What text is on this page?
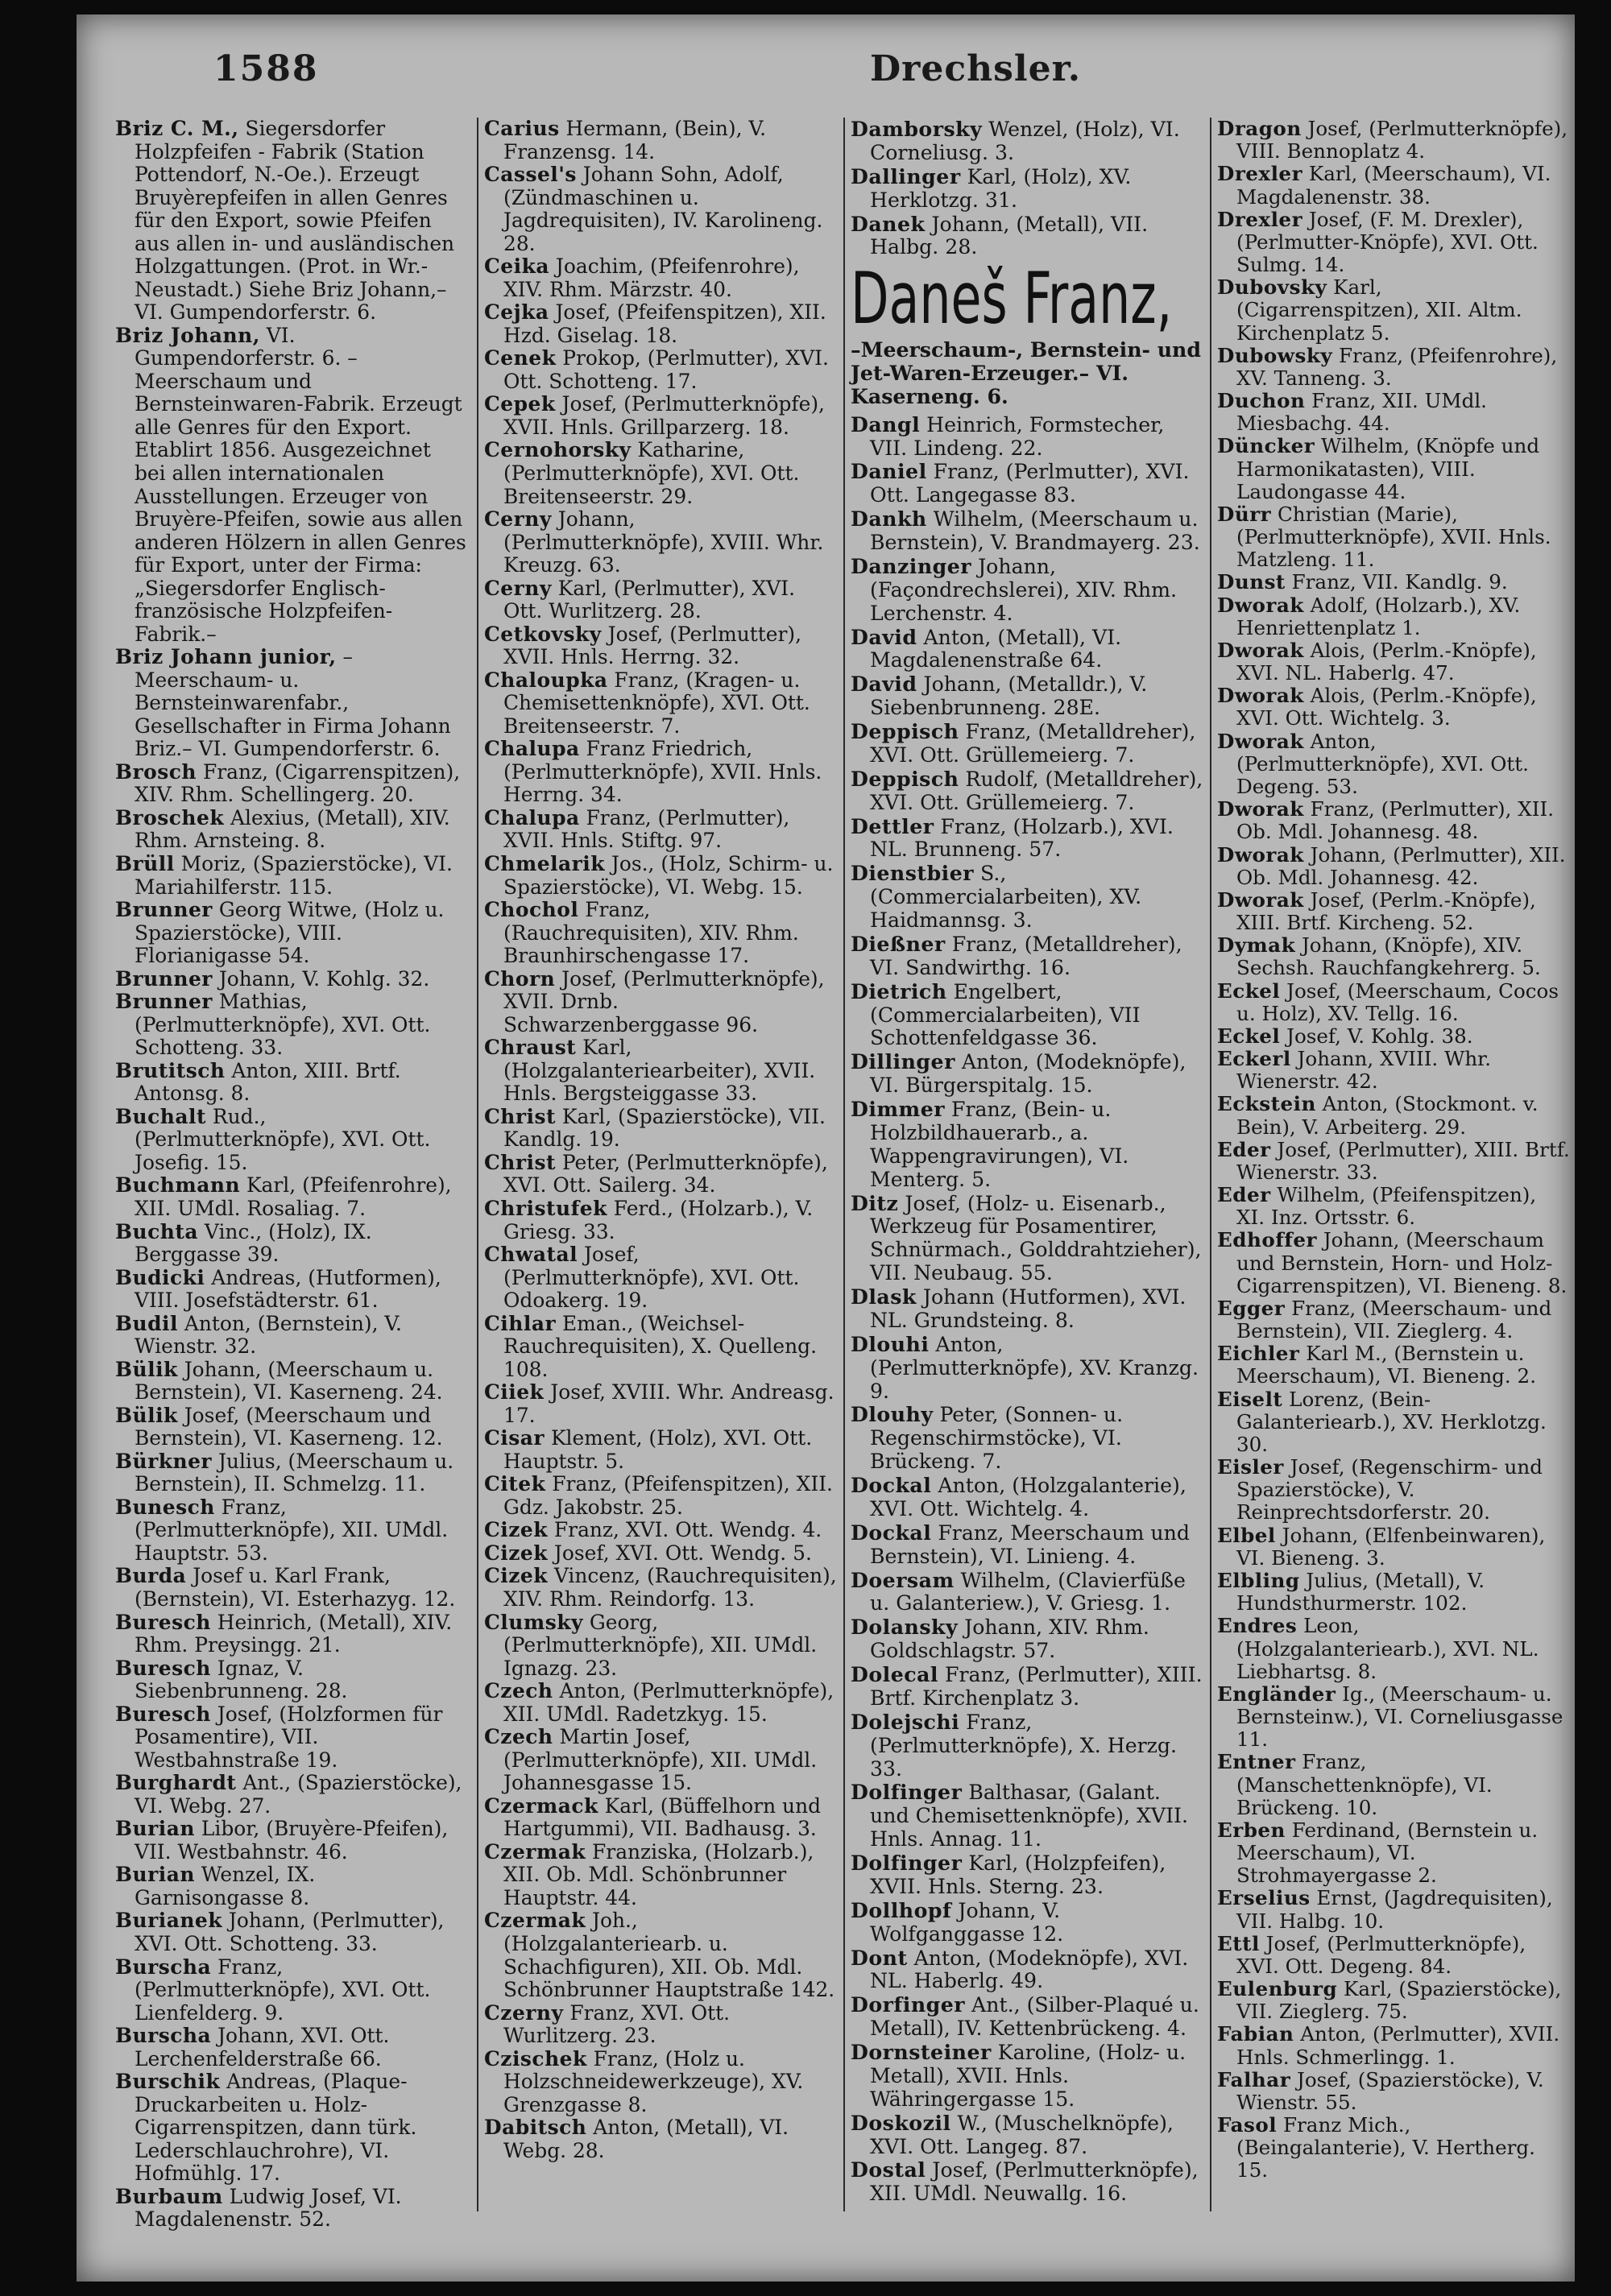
1588	Drechsler.

Briz C. M., Siegersdorfer Holzpfeifen - Fabrik (Station Pottendorf, N.-Oe.). Erzeugt Bruyèrepfeifen in allen Genres für den Export, sowie Pfeifen aus allen in- und ausländischen Holzgattungen. (Prot. in Wr.-Neustadt.) Siehe Briz Johann,– VI. Gumpendorferstr. 6.

Briz Johann, VI. Gumpendorferstr. 6. –Meerschaum und Bernsteinwaren-Fabrik. Erzeugt alle Genres für den Export. Etablirt 1856. Ausgezeichnet bei allen internationalen Ausstellungen. Erzeuger von Bruyère-Pfeifen, sowie aus allen anderen Hölzern in allen Genres für Export, unter der Firma: „Siegersdorfer Englisch-französische Holzpfeifen-Fabrik.–

Briz Johann junior, –Meerschaum- u. Bernsteinwarenfabr., Gesellschafter in Firma Johann Briz.– VI. Gumpendorferstr. 6.

Brosch Franz, (Cigarrenspitzen), XIV. Rhm. Schellingerg. 20.

Broschek Alexius, (Metall), XIV. Rhm. Arnsteing. 8.

Brüll Moriz, (Spazierstöcke), VI. Mariahilferstr. 115.

Brunner Georg Witwe, (Holz u. Spazierstöcke), VIII. Florianigasse 54.

Brunner Johann, V. Kohlg. 32.

Brunner Mathias, (Perlmutterknöpfe), XVI. Ott. Schotteng. 33.

Brutitsch Anton, XIII. Brtf. Antonsg. 8.

Buchalt Rud., (Perlmutterknöpfe), XVI. Ott. Josefig. 15.

Buchmann Karl, (Pfeifenrohre), XII. UMdl. Rosaliag. 7.

Buchta Vinc., (Holz), IX. Berggasse 39.

Budicki Andreas, (Hutformen), VIII. Josefstädterstr. 61.

Budil Anton, (Bernstein), V. Wienstr. 32.

Bülik Johann, (Meerschaum u. Bernstein), VI. Kaserneng. 24.

Bülik Josef, (Meerschaum und Bernstein), VI. Kaserneng. 12.

Bürkner Julius, (Meerschaum u. Bernstein), II. Schmelzg. 11.

Bunesch Franz, (Perlmutterknöpfe), XII. UMdl. Hauptstr. 53.

Burda Josef u. Karl Frank, (Bernstein), VI. Esterhazyg. 12.

Buresch Heinrich, (Metall), XIV. Rhm. Preysingg. 21.

Buresch Ignaz, V. Siebenbrunneng. 28.

Buresch Josef, (Holzformen für Posamentire), VII. Westbahnstraße 19.

Burghardt Ant., (Spazierstöcke), VI. Webg. 27.

Burian Libor, (Bruyère-Pfeifen), VII. Westbahnstr. 46.

Burian Wenzel, IX. Garnisongasse 8.

Burianek Johann, (Perlmutter), XVI. Ott. Schotteng. 33.

Burscha Franz, (Perlmutterknöpfe), XVI. Ott. Lienfelderg. 9.

Burscha Johann, XVI. Ott. Lerchenfelderstraße 66.

Burschik Andreas, (Plaque-Druckarbeiten u. Holz-Cigarrenspitzen, dann türk. Lederschlauchrohre), VI. Hofmühlg. 17.

Burbaum Ludwig Josef, VI. Magdalenenstr. 52.

Carius Hermann, (Bein), V. Franzensg. 14.

Cassel's Johann Sohn, Adolf, (Zündmaschinen u. Jagdrequisiten), IV. Karolineng. 28.

Ceika Joachim, (Pfeifenrohre), XIV. Rhm. Märzstr. 40.

Cejka Josef, (Pfeifenspitzen), XII. Hzd. Giselag. 18.

Cenek Prokop, (Perlmutter), XVI. Ott. Schotteng. 17.

Cepek Josef, (Perlmutterknöpfe), XVII. Hnls. Grillparzerg. 18.

Cernohorsky Katharine, (Perlmutterknöpfe), XVI. Ott. Breitenseerstr. 29.

Cerny Johann, (Perlmutterknöpfe), XVIII. Whr. Kreuzg. 63.

Cerny Karl, (Perlmutter), XVI. Ott. Wurlitzerg. 28.

Cetkovsky Josef, (Perlmutter), XVII. Hnls. Herrng. 32.

Chaloupka Franz, (Kragen- u. Chemisettenknöpfe), XVI. Ott. Breitenseerstr. 7.

Chalupa Franz Friedrich, (Perlmutterknöpfe), XVII. Hnls. Herrng. 34.

Chalupa Franz, (Perlmutter), XVII. Hnls. Stiftg. 97.

Chmelarik Jos., (Holz, Schirm- u. Spazierstöcke), VI. Webg. 15.

Chochol Franz, (Rauchrequisiten), XIV. Rhm. Braunhirschengasse 17.

Chorn Josef, (Perlmutterknöpfe), XVII. Drnb. Schwarzenberggasse 96.

Chraust Karl, (Holzgalanteriearbeiter), XVII. Hnls. Bergsteiggasse 33.

Christ Karl, (Spazierstöcke), VII. Kandlg. 19.

Christ Peter, (Perlmutterknöpfe), XVI. Ott. Sailerg. 34.

Christufek Ferd., (Holzarb.), V. Griesg. 33.

Chwatal Josef, (Perlmutterknöpfe), XVI. Ott. Odoakerg. 19.

Cihlar Eman., (Weichsel-Rauchrequisiten), X. Quelleng. 108.

Ciiek Josef, XVIII. Whr. Andreasg. 17.

Cisar Klement, (Holz), XVI. Ott. Hauptstr. 5.

Citek Franz, (Pfeifenspitzen), XII. Gdz. Jakobstr. 25.

Cizek Franz, XVI. Ott. Wendg. 4.

Cizek Josef, XVI. Ott. Wendg. 5.

Cizek Vincenz, (Rauchrequisiten), XIV. Rhm. Reindorfg. 13.

Clumsky Georg, (Perlmutterknöpfe), XII. UMdl. Ignazg. 23.

Czech Anton, (Perlmutterknöpfe), XII. UMdl. Radetzkyg. 15.

Czech Martin Josef, (Perlmutterknöpfe), XII. UMdl. Johannesgasse 15.

Czermack Karl, (Büffelhorn und Hartgummi), VII. Badhausg. 3.

Czermak Franziska, (Holzarb.), XII. Ob. Mdl. Schönbrunner Hauptstr. 44.

Czermak Joh., (Holzgalanteriearb. u. Schachfiguren), XII. Ob. Mdl. Schönbrunner Hauptstraße 142.

Czerny Franz, XVI. Ott. Wurlitzerg. 23.

Czischek Franz, (Holz u. Holzschneidewerkzeuge), XV. Grenzgasse 8.

Dabitsch Anton, (Metall), VI. Webg. 28.

Damborsky Wenzel, (Holz), VI. Corneliusg. 3.

Dallinger Karl, (Holz), XV. Herklotzg. 31.

Danek Johann, (Metall), VII. Halbg. 28.

Daneš Franz,
–Meerschaum-, Bernstein- und Jet-Waren-Erzeuger.– VI. Kaserneng. 6.

Dangl Heinrich, Formstecher, VII. Lindeng. 22.

Daniel Franz, (Perlmutter), XVI. Ott. Langegasse 83.

Dankh Wilhelm, (Meerschaum u. Bernstein), V. Brandmayerg. 23.

Danzinger Johann, (Façondrechslerei), XIV. Rhm. Lerchenstr. 4.

David Anton, (Metall), VI. Magdalenenstraße 64.

David Johann, (Metalldr.), V. Siebenbrunneng. 28E.

Deppisch Franz, (Metalldreher), XVI. Ott. Grüllemeierg. 7.

Deppisch Rudolf, (Metalldreher), XVI. Ott. Grüllemeierg. 7.

Dettler Franz, (Holzarb.), XVI. NL. Brunneng. 57.

Dienstbier S., (Commercialarbeiten), XV. Haidmannsg. 3.

Dießner Franz, (Metalldreher), VI. Sandwirthg. 16.

Dietrich Engelbert, (Commercialarbeiten), VII Schottenfeldgasse 36.

Dillinger Anton, (Modeknöpfe), VI. Bürgerspitalg. 15.

Dimmer Franz, (Bein- u. Holzbildhauerarb., a. Wappengravirungen), VI. Menterg. 5.

Ditz Josef, (Holz- u. Eisenarb., Werkzeug für Posamentirer, Schnürmach., Golddrahtzieher), VII. Neubaug. 55.

Dlask Johann (Hutformen), XVI. NL. Grundsteing. 8.

Dlouhi Anton, (Perlmutterknöpfe), XV. Kranzg. 9.

Dlouhy Peter, (Sonnen- u. Regenschirmstöcke), VI. Brückeng. 7.

Dockal Anton, (Holzgalanterie), XVI. Ott. Wichtelg. 4.

Dockal Franz, Meerschaum und Bernstein), VI. Linieng. 4.

Doersam Wilhelm, (Clavierfüße u. Galanteriew.), V. Griesg. 1.

Dolansky Johann, XIV. Rhm. Goldschlagstr. 57.

Dolecal Franz, (Perlmutter), XIII. Brtf. Kirchenplatz 3.

Dolejschi Franz, (Perlmutterknöpfe), X. Herzg. 33.

Dolfinger Balthasar, (Galant. und Chemisettenknöpfe), XVII. Hnls. Annag. 11.

Dolfinger Karl, (Holzpfeifen), XVII. Hnls. Sterng. 23.

Dollhopf Johann, V. Wolfganggasse 12.

Dont Anton, (Modeknöpfe), XVI. NL. Haberlg. 49.

Dorfinger Ant., (Silber-Plaqué u. Metall), IV. Kettenbrückeng. 4.

Dornsteiner Karoline, (Holz- u. Metall), XVII. Hnls. Währingergasse 15.

Doskozil W., (Muschelknöpfe), XVI. Ott. Langeg. 87.

Dostal Josef, (Perlmutterknöpfe), XII. UMdl. Neuwallg. 16.

Dragon Josef, (Perlmutterknöpfe), VIII. Bennoplatz 4.

Drexler Karl, (Meerschaum), VI. Magdalenenstr. 38.

Drexler Josef, (F. M. Drexler), (Perlmutter-Knöpfe), XVI. Ott. Sulmg. 14.

Dubovsky Karl, (Cigarrenspitzen), XII. Altm. Kirchenplatz 5.

Dubowsky Franz, (Pfeifenrohre), XV. Tanneng. 3.

Duchon Franz, XII. UMdl. Miesbachg. 44.

Düncker Wilhelm, (Knöpfe und Harmonikatasten), VIII. Laudongasse 44.

Dürr Christian (Marie), (Perlmutterknöpfe), XVII. Hnls. Matzleng. 11.

Dunst Franz, VII. Kandlg. 9.

Dworak Adolf, (Holzarb.), XV. Henriettenplatz 1.

Dworak Alois, (Perlm.-Knöpfe), XVI. NL. Haberlg. 47.

Dworak Alois, (Perlm.-Knöpfe), XVI. Ott. Wichtelg. 3.

Dworak Anton, (Perlmutterknöpfe), XVI. Ott. Degeng. 53.

Dworak Franz, (Perlmutter), XII. Ob. Mdl. Johannesg. 48.

Dworak Johann, (Perlmutter), XII. Ob. Mdl. Johannesg. 42.

Dworak Josef, (Perlm.-Knöpfe), XIII. Brtf. Kircheng. 52.

Dymak Johann, (Knöpfe), XIV. Sechsh. Rauchfangkehrerg. 5.

Eckel Josef, (Meerschaum, Cocos u. Holz), XV. Tellg. 16.

Eckel Josef, V. Kohlg. 38.

Eckerl Johann, XVIII. Whr. Wienerstr. 42.

Eckstein Anton, (Stockmont. v. Bein), V. Arbeiterg. 29.

Eder Josef, (Perlmutter), XIII. Brtf. Wienerstr. 33.

Eder Wilhelm, (Pfeifenspitzen), XI. Inz. Ortsstr. 6.

Edhoffer Johann, (Meerschaum und Bernstein, Horn- und Holz-Cigarrenspitzen), VI. Bieneng. 8.

Egger Franz, (Meerschaum- und Bernstein), VII. Zieglerg. 4.

Eichler Karl M., (Bernstein u. Meerschaum), VI. Bieneng. 2.

Eiselt Lorenz, (Bein-Galanteriearb.), XV. Herklotzg. 30.

Eisler Josef, (Regenschirm- und Spazierstöcke), V. Reinprechtsdorferstr. 20.

Elbel Johann, (Elfenbeinwaren), VI. Bieneng. 3.

Elbling Julius, (Metall), V. Hundsthurmerstr. 102.

Endres Leon, (Holzgalanteriearb.), XVI. NL. Liebhartsg. 8.

Engländer Ig., (Meerschaum- u. Bernsteinw.), VI. Corneliusgasse 11.

Entner Franz, (Manschettenknöpfe), VI. Brückeng. 10.

Erben Ferdinand, (Bernstein u. Meerschaum), VI. Strohmayergasse 2.

Erselius Ernst, (Jagdrequisiten), VII. Halbg. 10.

Ettl Josef, (Perlmutterknöpfe), XVI. Ott. Degeng. 84.

Eulenburg Karl, (Spazierstöcke), VII. Zieglerg. 75.

Fabian Anton, (Perlmutter), XVII. Hnls. Schmerlingg. 1.

Falhar Josef, (Spazierstöcke), V. Wienstr. 55.

Fasol Franz Mich., (Beingalanterie), V. Hertherg. 15.
